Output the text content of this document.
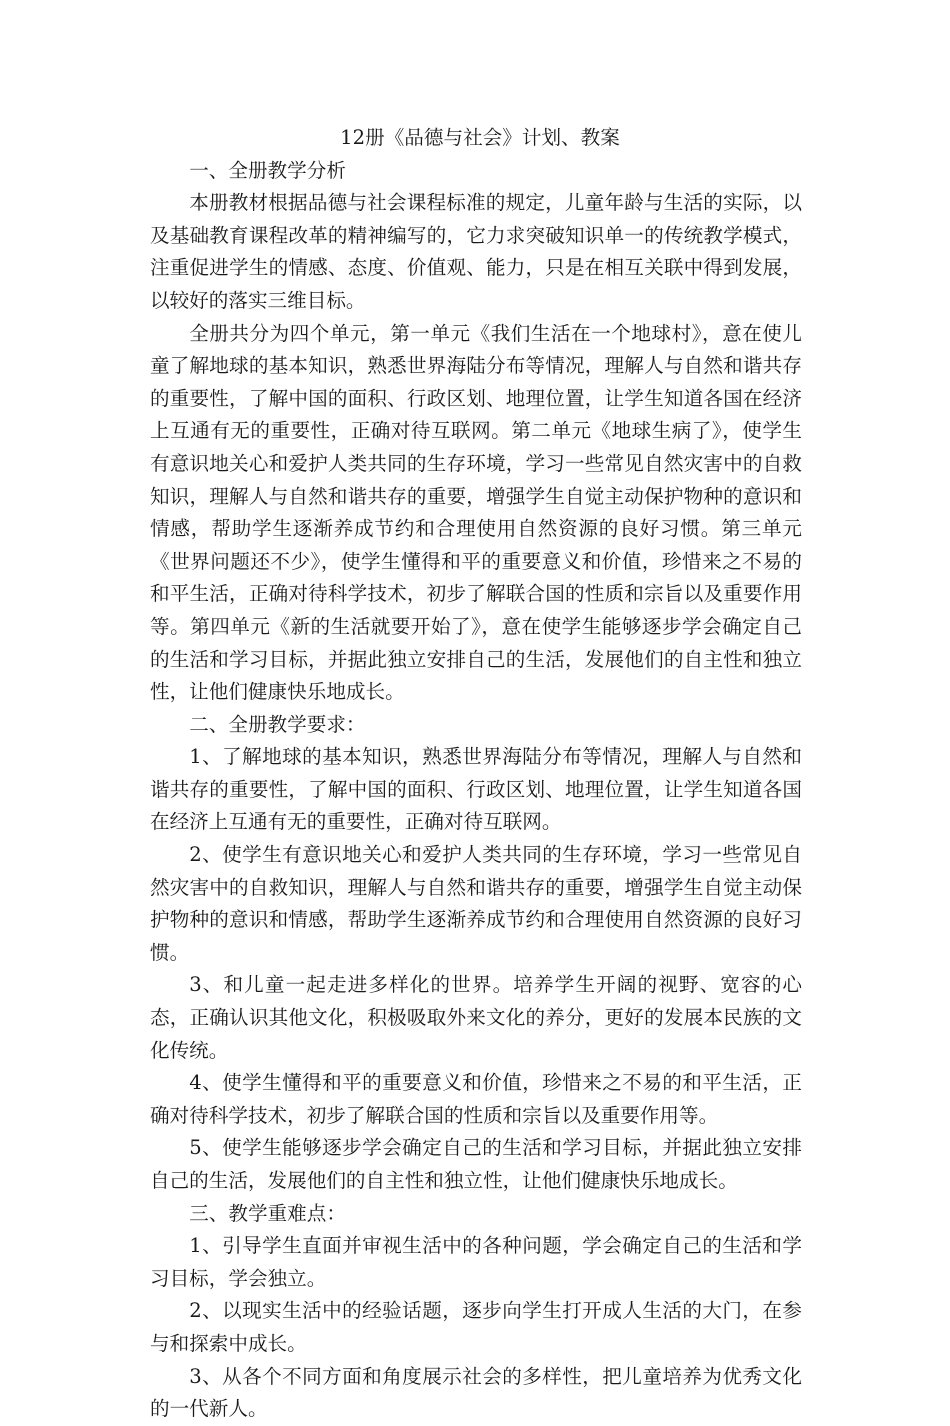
12册《品德与社会》计划、教案

一、全册教学分析

本册教材根据品德与社会课程标准的规定，儿童年龄与生活的实际，以及基础教育课程改革的精神编写的，它力求突破知识单一的传统教学模式，注重促进学生的情感、态度、价值观、能力，只是在相互关联中得到发展，以较好的落实三维目标。

全册共分为四个单元，第一单元《我们生活在一个地球村》，意在使儿童了解地球的基本知识，熟悉世界海陆分布等情况，理解人与自然和谐共存的重要性，了解中国的面积、行政区划、地理位置，让学生知道各国在经济上互通有无的重要性，正确对待互联网。第二单元《地球生病了》，使学生有意识地关心和爱护人类共同的生存环境，学习一些常见自然灾害中的自救知识，理解人与自然和谐共存的重要，增强学生自觉主动保护物种的意识和情感，帮助学生逐渐养成节约和合理使用自然资源的良好习惯。第三单元《世界问题还不少》，使学生懂得和平的重要意义和价值，珍惜来之不易的和平生活，正确对待科学技术，初步了解联合国的性质和宗旨以及重要作用等。第四单元《新的生活就要开始了》，意在使学生能够逐步学会确定自己的生活和学习目标，并据此独立安排自己的生活，发展他们的自主性和独立性，让他们健康快乐地成长。

二、全册教学要求：

1、了解地球的基本知识，熟悉世界海陆分布等情况，理解人与自然和谐共存的重要性，了解中国的面积、行政区划、地理位置，让学生知道各国在经济上互通有无的重要性，正确对待互联网。

2、使学生有意识地关心和爱护人类共同的生存环境，学习一些常见自然灾害中的自救知识，理解人与自然和谐共存的重要，增强学生自觉主动保护物种的意识和情感，帮助学生逐渐养成节约和合理使用自然资源的良好习惯。

3、和儿童一起走进多样化的世界。培养学生开阔的视野、宽容的心态，正确认识其他文化，积极吸取外来文化的养分，更好的发展本民族的文化传统。

4、使学生懂得和平的重要意义和价值，珍惜来之不易的和平生活，正确对待科学技术，初步了解联合国的性质和宗旨以及重要作用等。

5、使学生能够逐步学会确定自己的生活和学习目标，并据此独立安排自己的生活，发展他们的自主性和独立性，让他们健康快乐地成长。

三、教学重难点：

1、引导学生直面并审视生活中的各种问题，学会确定自己的生活和学习目标，学会独立。

2、以现实生活中的经验话题，逐步向学生打开成人生活的大门，在参与和探索中成长。

3、从各个不同方面和角度展示社会的多样性，把儿童培养为优秀文化的一代新人。
